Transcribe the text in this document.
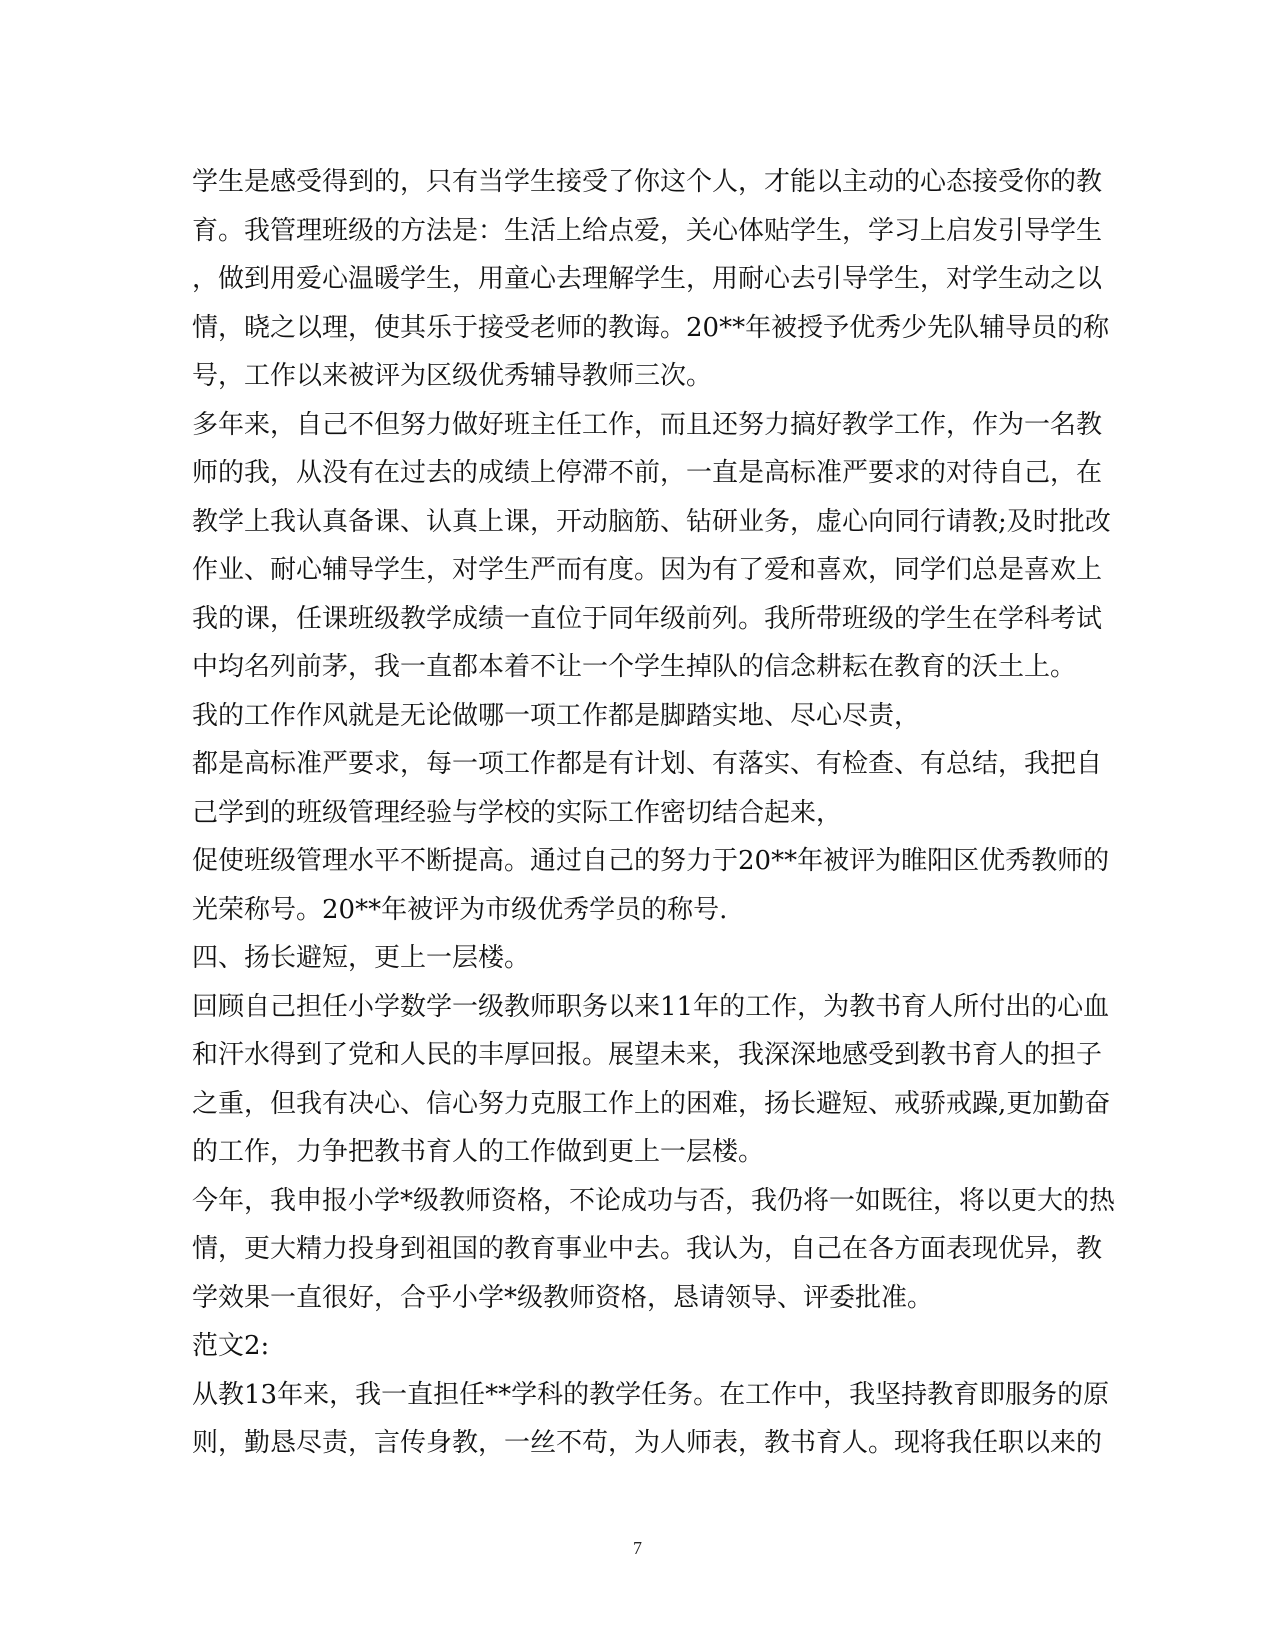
学生是感受得到的，只有当学生接受了你这个人，才能以主动的心态接受你的教
育。我管理班级的方法是：生活上给点爱，关心体贴学生，学习上启发引导学生
，做到用爱心温暖学生，用童心去理解学生，用耐心去引导学生，对学生动之以
情，晓之以理，使其乐于接受老师的教诲。20**年被授予优秀少先队辅导员的称
号，工作以来被评为区级优秀辅导教师三次。
多年来，自己不但努力做好班主任工作，而且还努力搞好教学工作，作为一名教
师的我，从没有在过去的成绩上停滞不前，一直是高标准严要求的对待自己，在
教学上我认真备课、认真上课，开动脑筋、钻研业务，虚心向同行请教;及时批改
作业、耐心辅导学生，对学生严而有度。因为有了爱和喜欢，同学们总是喜欢上
我的课，任课班级教学成绩一直位于同年级前列。我所带班级的学生在学科考试
中均名列前茅，我一直都本着不让一个学生掉队的信念耕耘在教育的沃土上。
我的工作作风就是无论做哪一项工作都是脚踏实地、尽心尽责，
都是高标准严要求，每一项工作都是有计划、有落实、有检查、有总结，我把自
己学到的班级管理经验与学校的实际工作密切结合起来，
促使班级管理水平不断提高。通过自己的努力于20**年被评为睢阳区优秀教师的
光荣称号。20**年被评为市级优秀学员的称号.
四、扬长避短，更上一层楼。
回顾自己担任小学数学一级教师职务以来11年的工作，为教书育人所付出的心血
和汗水得到了党和人民的丰厚回报。展望未来，我深深地感受到教书育人的担子
之重，但我有决心、信心努力克服工作上的困难，扬长避短、戒骄戒躁,更加勤奋
的工作，力争把教书育人的工作做到更上一层楼。
今年，我申报小学*级教师资格，不论成功与否，我仍将一如既往，将以更大的热
情，更大精力投身到祖国的教育事业中去。我认为，自己在各方面表现优异，教
学效果一直很好，合乎小学*级教师资格，恳请领导、评委批准。
范文2:
从教13年来，我一直担任**学科的教学任务。在工作中，我坚持教育即服务的原
则，勤恳尽责，言传身教，一丝不苟，为人师表，教书育人。现将我任职以来的
7
